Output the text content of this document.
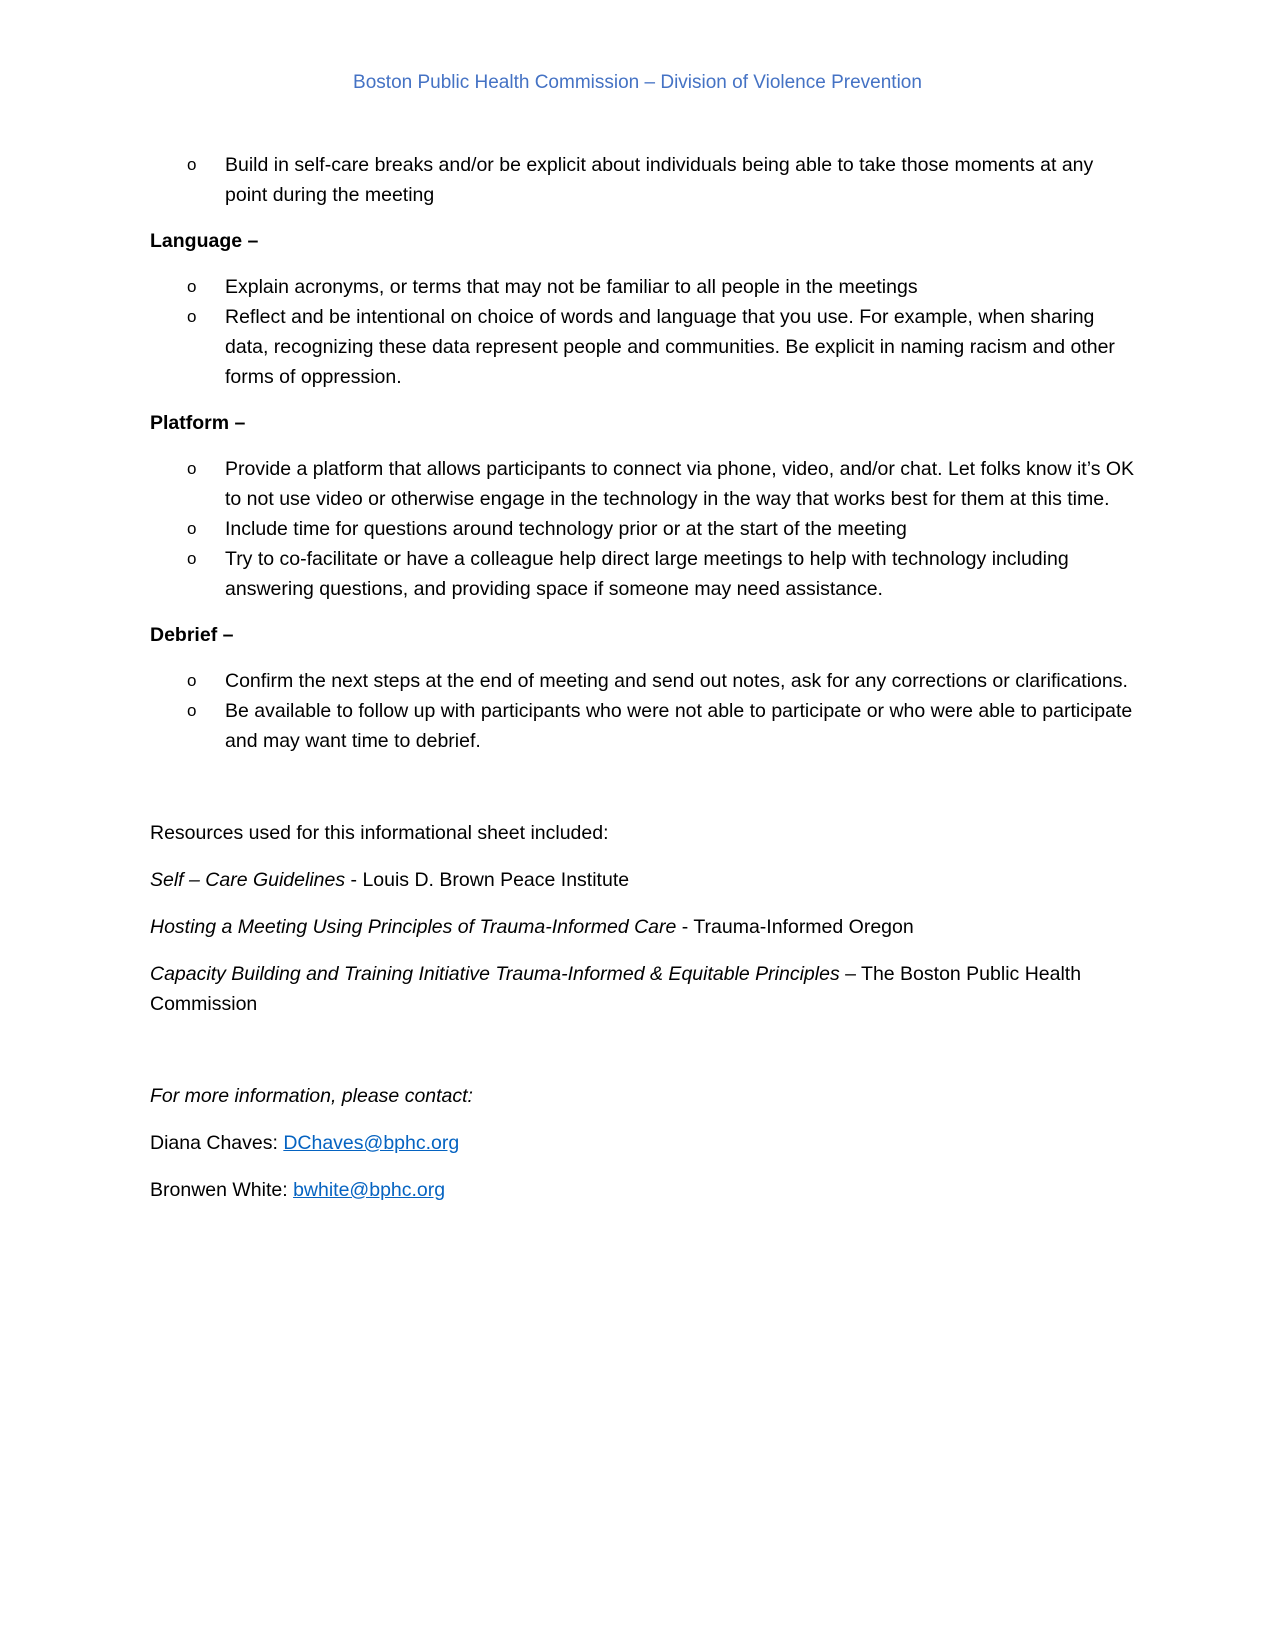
Boston Public Health Commission – Division of Violence Prevention
o Build in self-care breaks and/or be explicit about individuals being able to take those moments at any point during the meeting
Language –
o Explain acronyms, or terms that may not be familiar to all people in the meetings
o Reflect and be intentional on choice of words and language that you use. For example, when sharing data, recognizing these data represent people and communities. Be explicit in naming racism and other forms of oppression.
Platform –
o Provide a platform that allows participants to connect via phone, video, and/or chat. Let folks know it’s OK to not use video or otherwise engage in the technology in the way that works best for them at this time.
o Include time for questions around technology prior or at the start of the meeting
o Try to co-facilitate or have a colleague help direct large meetings to help with technology including answering questions, and providing space if someone may need assistance.
Debrief –
o Confirm the next steps at the end of meeting and send out notes, ask for any corrections or clarifications.
o Be available to follow up with participants who were not able to participate or who were able to participate and may want time to debrief.

Resources used for this informational sheet included:

Self – Care Guidelines - Louis D. Brown Peace Institute

Hosting a Meeting Using Principles of Trauma-Informed Care - Trauma-Informed Oregon

Capacity Building and Training Initiative Trauma-Informed & Equitable Principles – The Boston Public Health Commission

For more information, please contact:

Diana Chaves: DChaves@bphc.org

Bronwen White: bwhite@bphc.org
